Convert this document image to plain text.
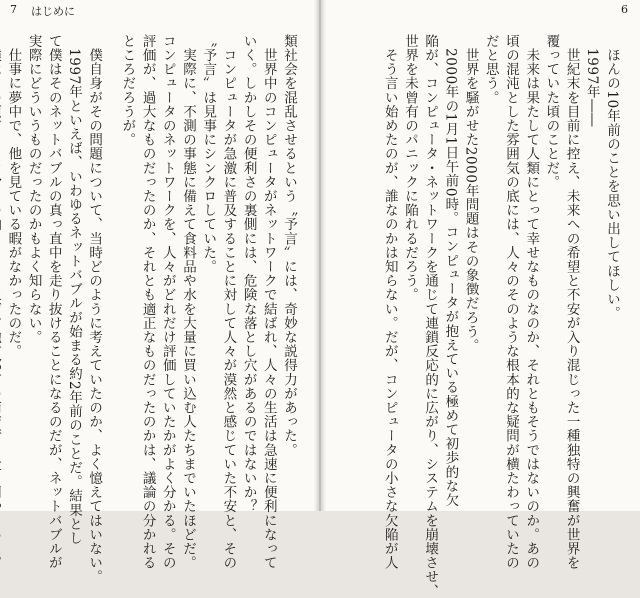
7 はじめに
類社会を混乱させるという〝予言〟には、奇妙な説得力があった。
　世界中のコンピュータがネットワークで結ばれ、人々の生活は急速に便利になって
いく。しかしその便利さの裏側には、危険な落とし穴があるのではないか？
　コンピュータが急激に普及することに対して人々が漠然と感じていた不安と、その
〝予言〟は見事にシンクロしていた。
　実際に、不測の事態に備えて食料品や水を大量に買い込む人たちまでいたほどだ。
コンピュータのネットワークを、人々がどれだけ評価していたかがよく分かる。その
評価が、過大なものだったのか、それとも適正なものだったのかは、議論の分かれる
ところだろうが。
　僕自身がその問題について、当時どのように考えていたのか、よく憶えてはいない。
　1997年といえば、いわゆるネットバブルが始まる約2年前のことだ。結果とし
て僕はそのネットバブルの真っ直中を走り抜けることになるのだが、ネットバブルが
実際にどういうものだったのかもよく知らない。
　仕事に夢中で、他を見ている暇がなかったのだ。
6
　ほんの10年前のことを思い出してほしい。
　1997年――
　世紀末を目前に控え、未来への希望と不安が入り混じった一種独特の興奮が世界を
覆っていた頃のことだ。
　未来は果たして人類にとって幸せなものなのか、それともそうではないのか。あの
頃の混沌とした雰囲気の底には、人々のそのような根本的な疑問が横たわっていたの
だと思う。
　世界を騒がせた2000年問題はその象徴だろう。
　2000年の1月1日午前0時。コンピュータが抱えている極めて初歩的な欠
陥が、コンピュータ・ネットワークを通じて連鎖反応的に広がり、システムを崩壊させ、
世界を未曾有のパニックに陥れるだろう。
　そう言い始めたのが、誰なのかは知らない。だが、コンピュータの小さな欠陥が人
